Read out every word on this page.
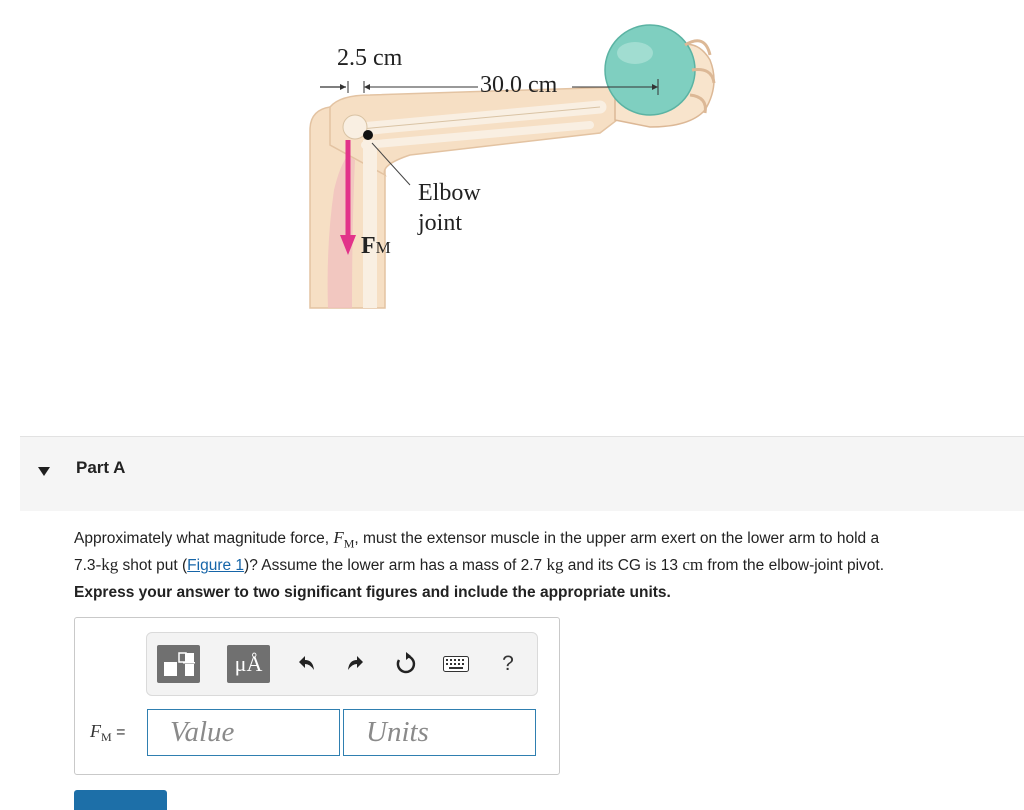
2.5 cm
30.0 cm
Elbow
joint
FM
Part A
Approximately what magnitude force, $F_M$, must the extensor muscle in the upper arm exert on the lower arm to hold a
7.3-kg shot put (Figure 1)? Assume the lower arm has a mass of 2.7 kg and its CG is 13 cm from the elbow-joint pivot.
Express your answer to two significant figures and include the appropriate units.
μÅ	?
$F_M$ =	Value	Units
